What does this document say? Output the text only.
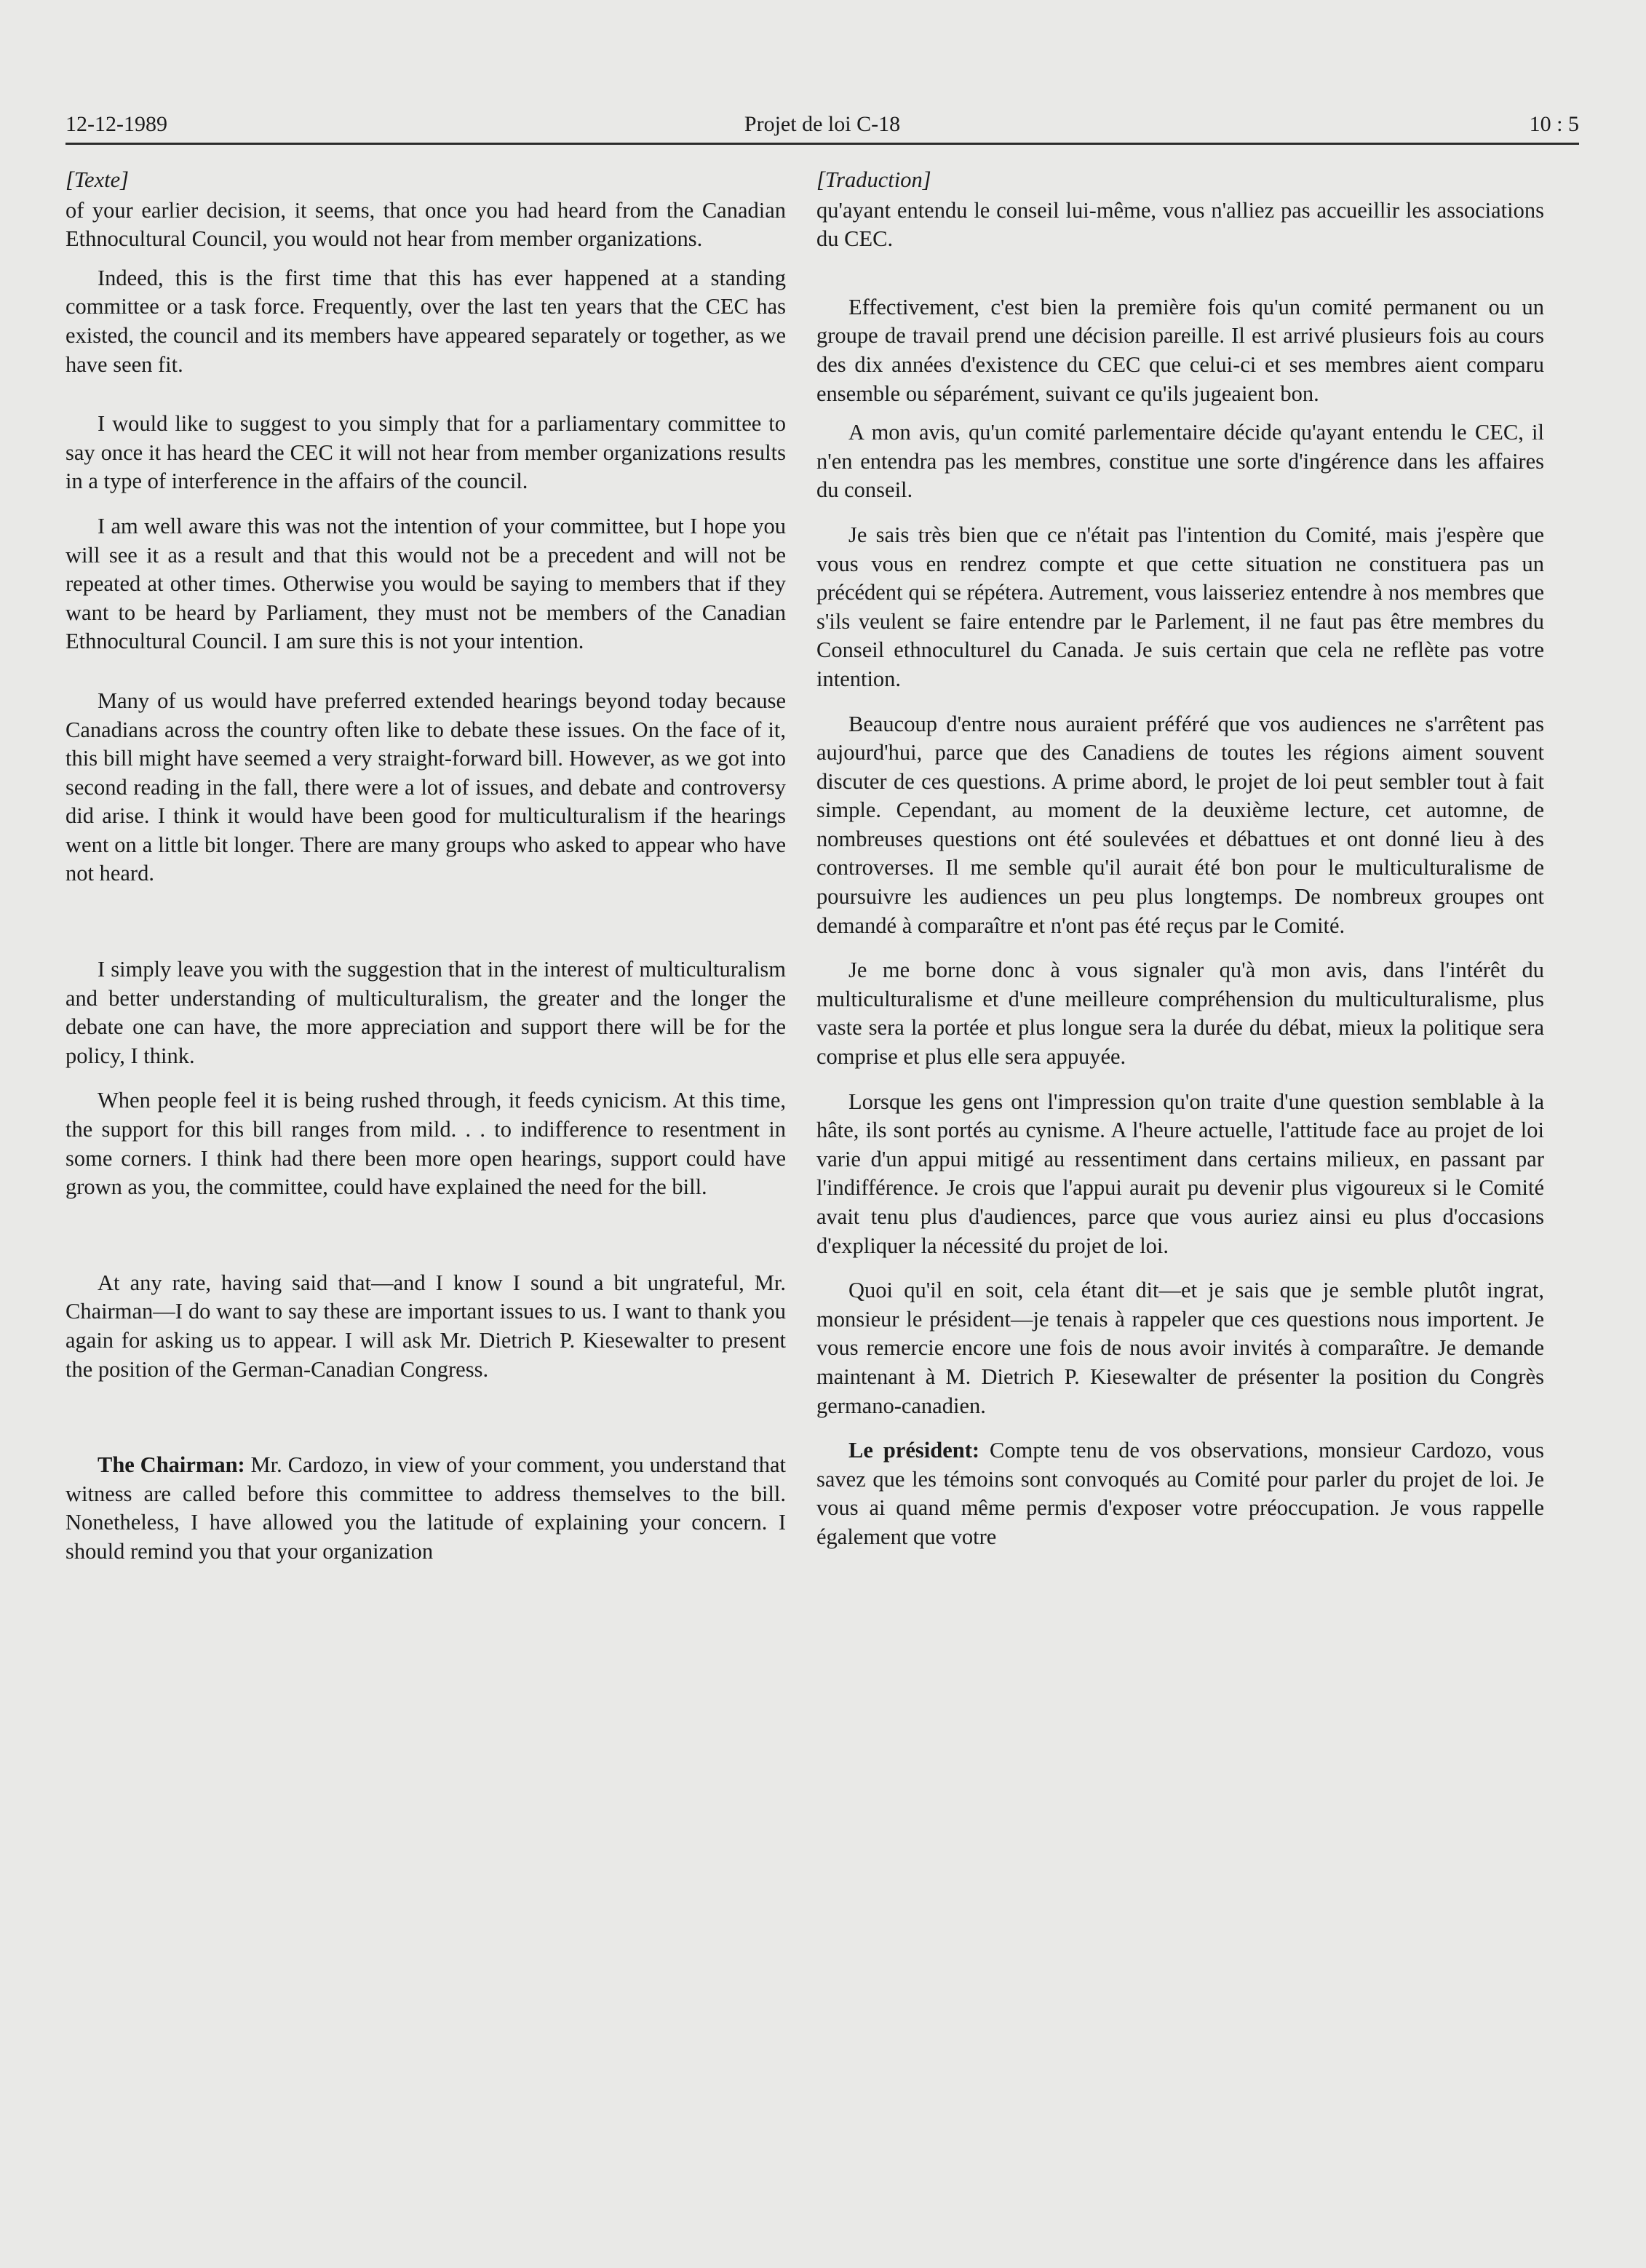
12-12-1989	Projet de loi C-18	10 : 5
[Texte]

of your earlier decision, it seems, that once you had heard from the Canadian Ethnocultural Council, you would not hear from member organizations.

Indeed, this is the first time that this has ever happened at a standing committee or a task force. Frequently, over the last ten years that the CEC has existed, the council and its members have appeared separately or together, as we have seen fit.

I would like to suggest to you simply that for a parliamentary committee to say once it has heard the CEC it will not hear from member organizations results in a type of interference in the affairs of the council.

I am well aware this was not the intention of your committee, but I hope you will see it as a result and that this would not be a precedent and will not be repeated at other times. Otherwise you would be saying to members that if they want to be heard by Parliament, they must not be members of the Canadian Ethnocultural Council. I am sure this is not your intention.

Many of us would have preferred extended hearings beyond today because Canadians across the country often like to debate these issues. On the face of it, this bill might have seemed a very straight-forward bill. However, as we got into second reading in the fall, there were a lot of issues, and debate and controversy did arise. I think it would have been good for multiculturalism if the hearings went on a little bit longer. There are many groups who asked to appear who have not heard.

I simply leave you with the suggestion that in the interest of multiculturalism and better understanding of multiculturalism, the greater and the longer the debate one can have, the more appreciation and support there will be for the policy, I think.

When people feel it is being rushed through, it feeds cynicism. At this time, the support for this bill ranges from mild. . . to indifference to resentment in some corners. I think had there been more open hearings, support could have grown as you, the committee, could have explained the need for the bill.

At any rate, having said that—and I know I sound a bit ungrateful, Mr. Chairman—I do want to say these are important issues to us. I want to thank you again for asking us to appear. I will ask Mr. Dietrich P. Kiesewalter to present the position of the German-Canadian Congress.

The Chairman: Mr. Cardozo, in view of your comment, you understand that witness are called before this committee to address themselves to the bill. Nonetheless, I have allowed you the latitude of explaining your concern. I should remind you that your organization

[Traduction]

qu'ayant entendu le conseil lui-même, vous n'alliez pas accueillir les associations du CEC.

Effectivement, c'est bien la première fois qu'un comité permanent ou un groupe de travail prend une décision pareille. Il est arrivé plusieurs fois au cours des dix années d'existence du CEC que celui-ci et ses membres aient comparu ensemble ou séparément, suivant ce qu'ils jugeaient bon.

A mon avis, qu'un comité parlementaire décide qu'ayant entendu le CEC, il n'en entendra pas les membres, constitue une sorte d'ingérence dans les affaires du conseil.

Je sais très bien que ce n'était pas l'intention du Comité, mais j'espère que vous vous en rendrez compte et que cette situation ne constituera pas un précédent qui se répétera. Autrement, vous laisseriez entendre à nos membres que s'ils veulent se faire entendre par le Parlement, il ne faut pas être membres du Conseil ethnoculturel du Canada. Je suis certain que cela ne reflète pas votre intention.

Beaucoup d'entre nous auraient préféré que vos audiences ne s'arrêtent pas aujourd'hui, parce que des Canadiens de toutes les régions aiment souvent discuter de ces questions. A prime abord, le projet de loi peut sembler tout à fait simple. Cependant, au moment de la deuxième lecture, cet automne, de nombreuses questions ont été soulevées et débattues et ont donné lieu à des controverses. Il me semble qu'il aurait été bon pour le multiculturalisme de poursuivre les audiences un peu plus longtemps. De nombreux groupes ont demandé à comparaître et n'ont pas été reçus par le Comité.

Je me borne donc à vous signaler qu'à mon avis, dans l'intérêt du multiculturalisme et d'une meilleure compréhension du multiculturalisme, plus vaste sera la portée et plus longue sera la durée du débat, mieux la politique sera comprise et plus elle sera appuyée.

Lorsque les gens ont l'impression qu'on traite d'une question semblable à la hâte, ils sont portés au cynisme. A l'heure actuelle, l'attitude face au projet de loi varie d'un appui mitigé au ressentiment dans certains milieux, en passant par l'indifférence. Je crois que l'appui aurait pu devenir plus vigoureux si le Comité avait tenu plus d'audiences, parce que vous auriez ainsi eu plus d'occasions d'expliquer la nécessité du projet de loi.

Quoi qu'il en soit, cela étant dit—et je sais que je semble plutôt ingrat, monsieur le président—je tenais à rappeler que ces questions nous importent. Je vous remercie encore une fois de nous avoir invités à comparaître. Je demande maintenant à M. Dietrich P. Kiesewalter de présenter la position du Congrès germano-canadien.

Le président: Compte tenu de vos observations, monsieur Cardozo, vous savez que les témoins sont convoqués au Comité pour parler du projet de loi. Je vous ai quand même permis d'exposer votre préoccupation. Je vous rappelle également que votre
